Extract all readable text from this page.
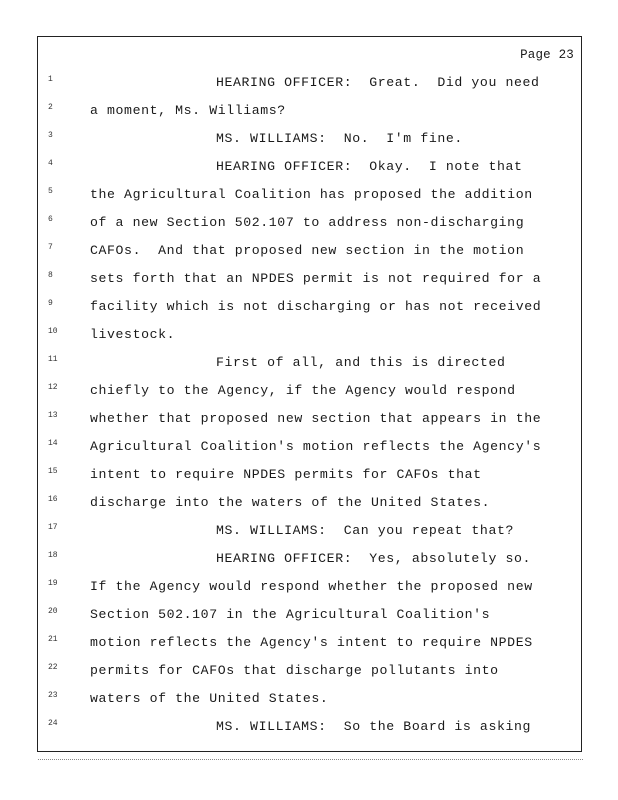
Page 23
1	HEARING OFFICER:  Great.  Did you need
2	a moment, Ms. Williams?
3	MS. WILLIAMS:  No.  I'm fine.
4	HEARING OFFICER:  Okay.  I note that
5	the Agricultural Coalition has proposed the addition
6	of a new Section 502.107 to address non-discharging
7	CAFOs.  And that proposed new section in the motion
8	sets forth that an NPDES permit is not required for a
9	facility which is not discharging or has not received
10 livestock.
11	First of all, and this is directed
12 chiefly to the Agency, if the Agency would respond
13 whether that proposed new section that appears in the
14 Agricultural Coalition's motion reflects the Agency's
15 intent to require NPDES permits for CAFOs that
16 discharge into the waters of the United States.
17	MS. WILLIAMS:  Can you repeat that?
18	HEARING OFFICER:  Yes, absolutely so.
19 If the Agency would respond whether the proposed new
20 Section 502.107 in the Agricultural Coalition's
21 motion reflects the Agency's intent to require NPDES
22 permits for CAFOs that discharge pollutants into
23 waters of the United States.
24	MS. WILLIAMS:  So the Board is asking
